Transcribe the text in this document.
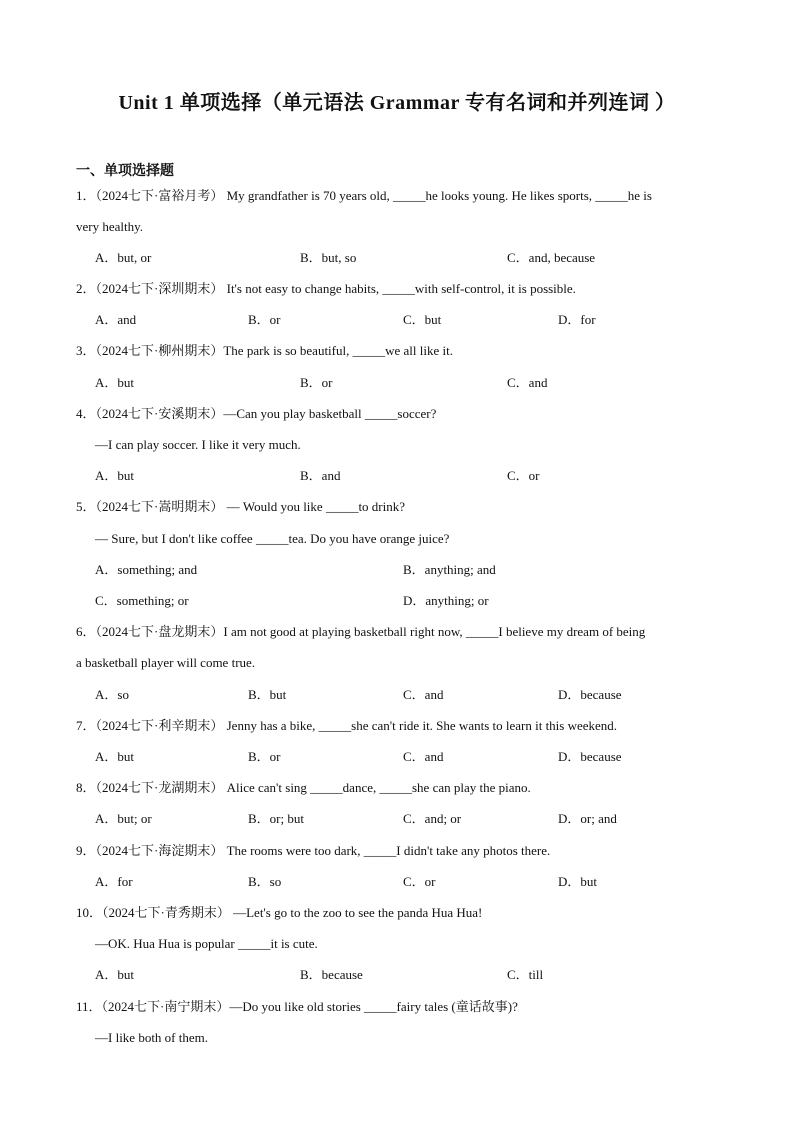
Unit 1 单项选择（单元语法 Grammar 专有名词和并列连词 ）
一、单项选择题
1．（2024七下·富裕月考） My grandfather is 70 years old, _____he looks young. He likes sports, _____he is
very healthy.
A．but, or	B．but, so	C．and, because
2．（2024七下·深圳期末） It's not easy to change habits, _____with self-control, it is possible.
A．and	B．or	C．but	D．for
3．（2024七下·柳州期末）The park is so beautiful, _____we all like it.
A．but	B．or	C．and
4．（2024七下·安溪期末）—Can you play basketball _____soccer?
—I can play soccer. I like it very much.
A．but	B．and	C．or
5．（2024七下·嵩明期末） — Would you like _____to drink?
— Sure, but I don't like coffee _____tea. Do you have orange juice?
A．something; and	B．anything; and
C．something; or	D．anything; or
6．（2024七下·盘龙期末）I am not good at playing basketball right now, _____I believe my dream of being
a basketball player will come true.
A．so	B．but	C．and	D．because
7．（2024七下·利辛期末） Jenny has a bike, _____she can't ride it. She wants to learn it this weekend.
A．but	B．or	C．and	D．because
8．（2024七下·龙湖期末） Alice can't sing _____dance, _____she can play the piano.
A．but; or	B．or; but	C．and; or	D．or; and
9．（2024七下·海淀期末） The rooms were too dark, _____I didn't take any photos there.
A．for	B．so	C．or	D．but
10．（2024七下·青秀期末） —Let's go to the zoo to see the panda Hua Hua!
—OK. Hua Hua is popular _____it is cute.
A．but	B．because	C．till
11．（2024七下·南宁期末）—Do you like old stories _____fairy tales (童话故事)?
—I like both of them.
